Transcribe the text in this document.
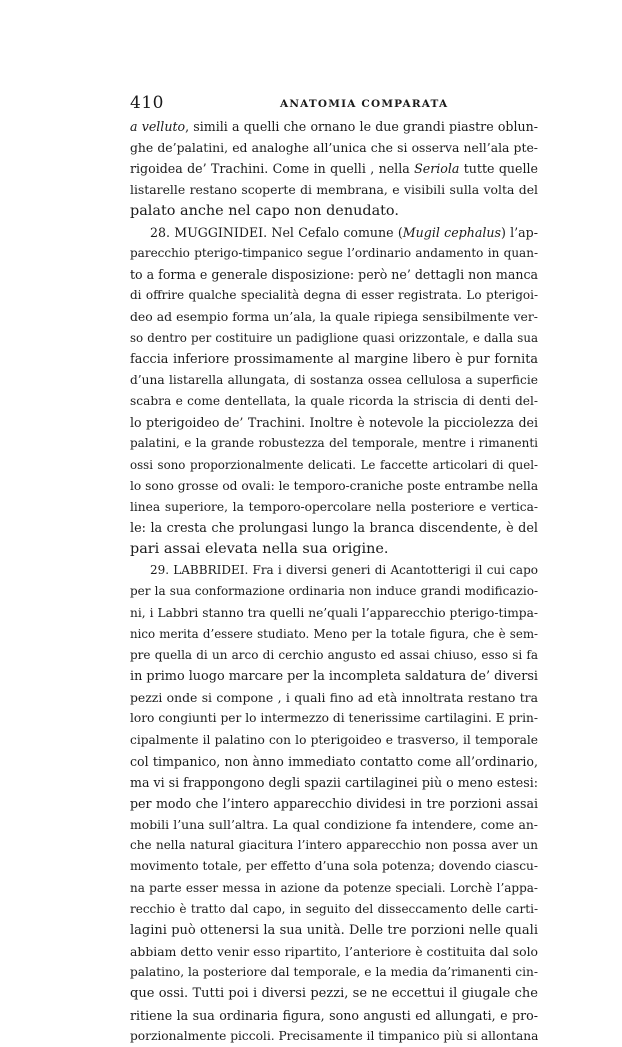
410	ANATOMIA COMPARATA
a velluto, simili a quelli che ornano le due grandi piastre oblun-
ghe de’palatini, ed analoghe all’unica che si osserva nell’ala pte-
rigoidea de’ Trachini. Come in quelli , nella Seriola tutte quelle
listarelle restano scoperte di membrana, e visibili sulla volta del
palato anche nel capo non denudato.
28. MUGGINIDEI. Nel Cefalo comune (Mugil cephalus) l’ap-
parecchio pterigo-timpanico segue l’ordinario andamento in quan-
to a forma e generale disposizione: però ne’ dettagli non manca
di offrire qualche specialità degna di esser registrata. Lo pterigoi-
deo ad esempio forma un’ala, la quale ripiega sensibilmente ver-
so dentro per costituire un padiglione quasi orizzontale, e dalla sua
faccia inferiore prossimamente al margine libero è pur fornita
d’una listarella allungata, di sostanza ossea cellulosa a superficie
scabra e come dentellata, la quale ricorda la striscia di denti del-
lo pterigoideo de’ Trachini. Inoltre è notevole la picciolezza dei
palatini, e la grande robustezza del temporale, mentre i rimanenti
ossi sono proporzionalmente delicati. Le faccette articolari di quel-
lo sono grosse od ovali: le temporo-craniche poste entrambe nella
linea superiore, la temporo-opercolare nella posteriore e vertica-
le: la cresta che prolungasi lungo la branca discendente, è del
pari assai elevata nella sua origine.
29. LABBRIDEI. Fra i diversi generi di Acantotterigi il cui capo
per la sua conformazione ordinaria non induce grandi modificazio-
ni, i Labbri stanno tra quelli ne’quali l’apparecchio pterigo-timpa-
nico merita d’essere studiato. Meno per la totale figura, che è sem-
pre quella di un arco di cerchio angusto ed assai chiuso, esso si fa
in primo luogo marcare per la incompleta saldatura de’ diversi
pezzi onde si compone , i quali fino ad età innoltrata restano tra
loro congiunti per lo intermezzo di tenerissime cartilagini. E prin-
cipalmente il palatino con lo pterigoideo e trasverso, il temporale
col timpanico, non ànno immediato contatto come all’ordinario,
ma vi si frappongono degli spazii cartilaginei più o meno estesi:
per modo che l’intero apparecchio dividesi in tre porzioni assai
mobili l’una sull’altra. La qual condizione fa intendere, come an-
che nella natural giacitura l’intero apparecchio non possa aver un
movimento totale, per effetto d’una sola potenza; dovendo ciascu-
na parte esser messa in azione da potenze speciali. Lorchè l’appa-
recchio è tratto dal capo, in seguito del disseccamento delle carti-
lagini può ottenersi la sua unità. Delle tre porzioni nelle quali
abbiam detto venir esso ripartito, l’anteriore è costituita dal solo
palatino, la posteriore dal temporale, e la media da’rimanenti cin-
que ossi. Tutti poi i diversi pezzi, se ne eccettui il giugale che
ritiene la sua ordinaria figura, sono angusti ed allungati, e pro-
porzionalmente piccoli. Precisamente il timpanico più si allontana
